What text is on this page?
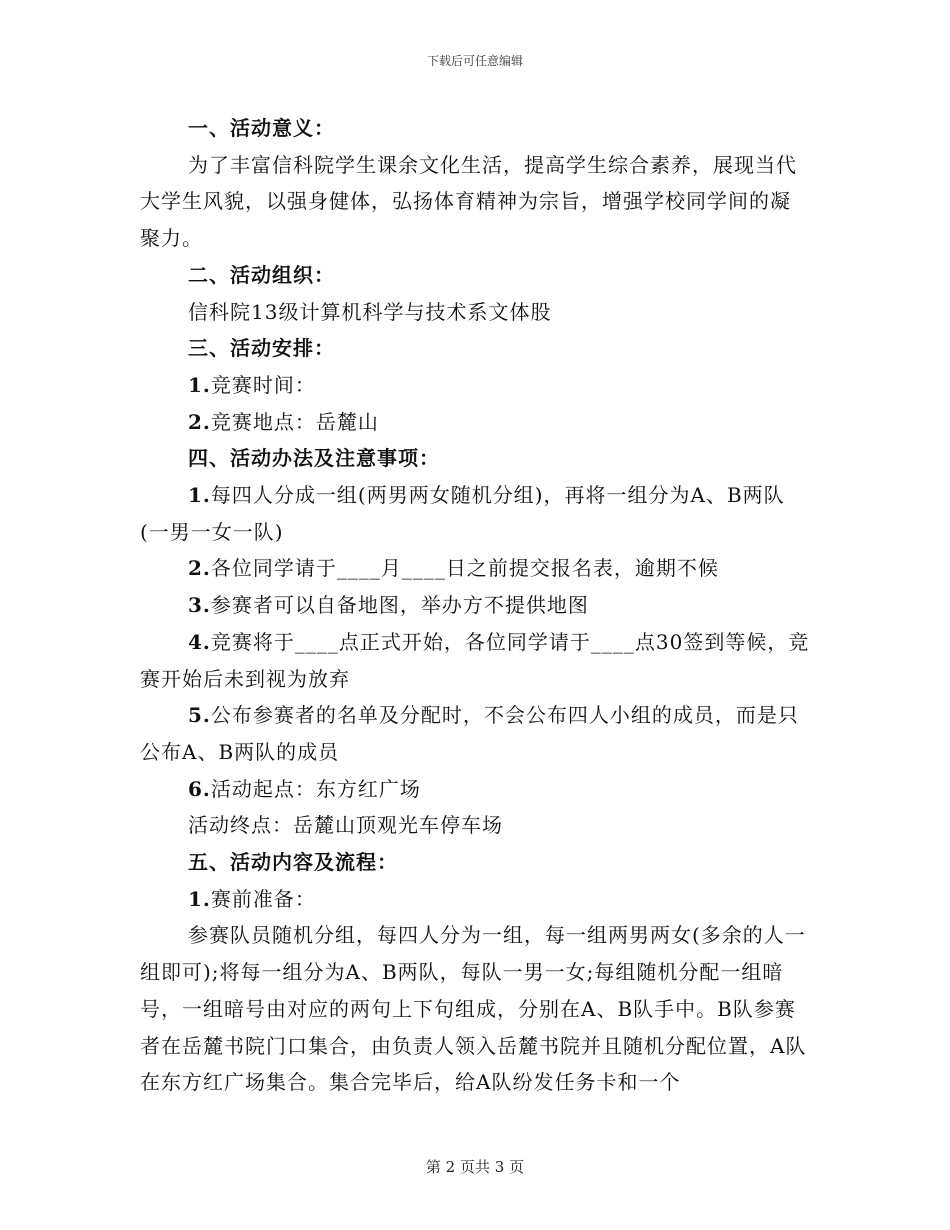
下载后可任意编辑

一、活动意义：

为了丰富信科院学生课余文化生活，提高学生综合素养，展现当代大学生风貌，以强身健体，弘扬体育精神为宗旨，增强学校同学间的凝聚力。

二、活动组织：

信科院13级计算机科学与技术系文体股

三、活动安排：

1.竞赛时间：

2.竞赛地点：岳麓山

四、活动办法及注意事项：

1.每四人分成一组(两男两女随机分组)，再将一组分为A、B两队(一男一女一队)

2.各位同学请于____月____日之前提交报名表，逾期不候

3.参赛者可以自备地图，举办方不提供地图

4.竞赛将于____点正式开始，各位同学请于____点30签到等候，竞赛开始后未到视为放弃

5.公布参赛者的名单及分配时，不会公布四人小组的成员，而是只公布A、B两队的成员

6.活动起点：东方红广场

活动终点：岳麓山顶观光车停车场

五、活动内容及流程：

1.赛前准备：

参赛队员随机分组，每四人分为一组，每一组两男两女(多余的人一组即可);将每一组分为A、B两队，每队一男一女;每组随机分配一组暗号，一组暗号由对应的两句上下句组成，分别在A、B队手中。B队参赛者在岳麓书院门口集合，由负责人领入岳麓书院并且随机分配位置，A队在东方红广场集合。集合完毕后，给A队纷发任务卡和一个

第 2 页共 3 页
